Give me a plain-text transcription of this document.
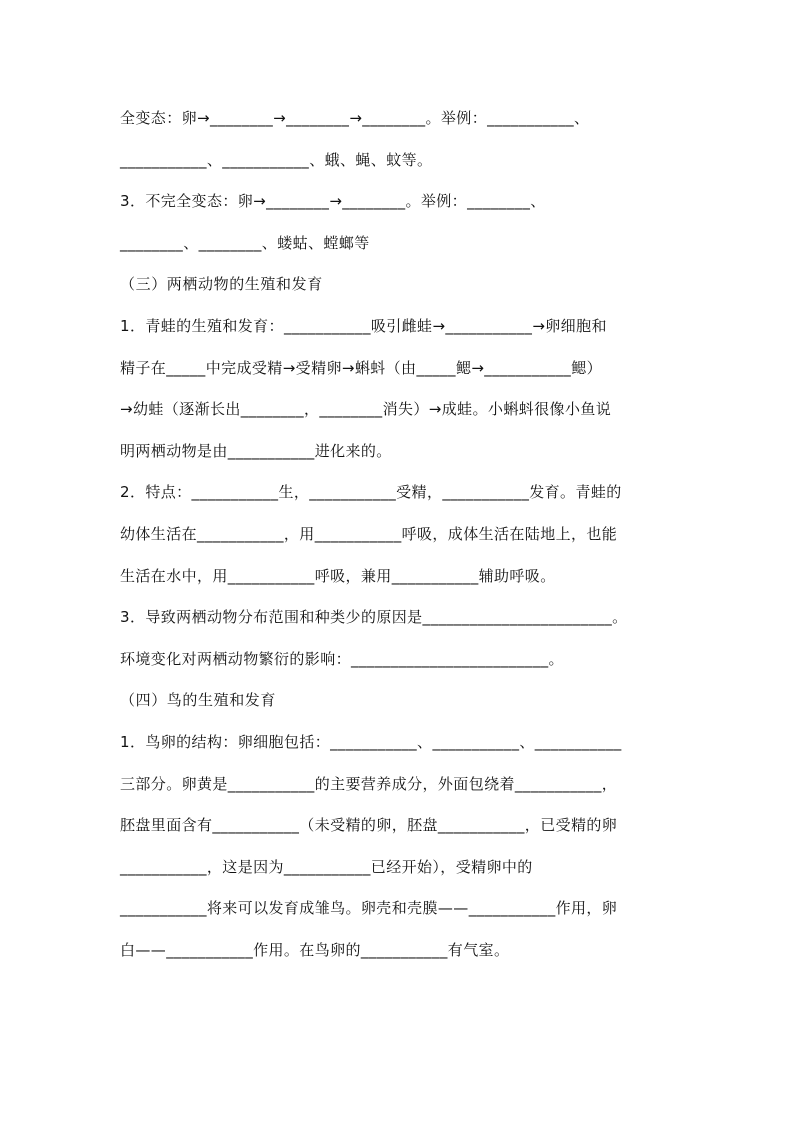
全变态：卵→________→________→________。举例：___________、
___________、___________、蛾、蝇、蚊等。
3．不完全变态：卵→________→________。举例：________、
________、________、蝼蛄、螳螂等
（三）两栖动物的生殖和发育
1．青蛙的生殖和发育：___________吸引雌蛙→___________→卵细胞和
精子在_____中完成受精→受精卵→蝌蚪（由_____鳃→___________鳃）
→幼蛙（逐渐长出________，________消失）→成蛙。小蝌蚪很像小鱼说
明两栖动物是由___________进化来的。
2．特点：___________生，___________受精，___________发育。青蛙的
幼体生活在___________，用___________呼吸，成体生活在陆地上，也能
生活在水中，用___________呼吸，兼用___________辅助呼吸。
3．导致两栖动物分布范围和种类少的原因是________________________。
环境变化对两栖动物繁衍的影响：_________________________。
（四）鸟的生殖和发育
1．鸟卵的结构：卵细胞包括：___________、___________、___________
三部分。卵黄是___________的主要营养成分，外面包绕着___________，
胚盘里面含有___________（未受精的卵，胚盘___________，已受精的卵
___________，这是因为___________已经开始），受精卵中的
___________将来可以发育成雏鸟。卵壳和壳膜——___________作用，卵
白——___________作用。在鸟卵的___________有气室。
